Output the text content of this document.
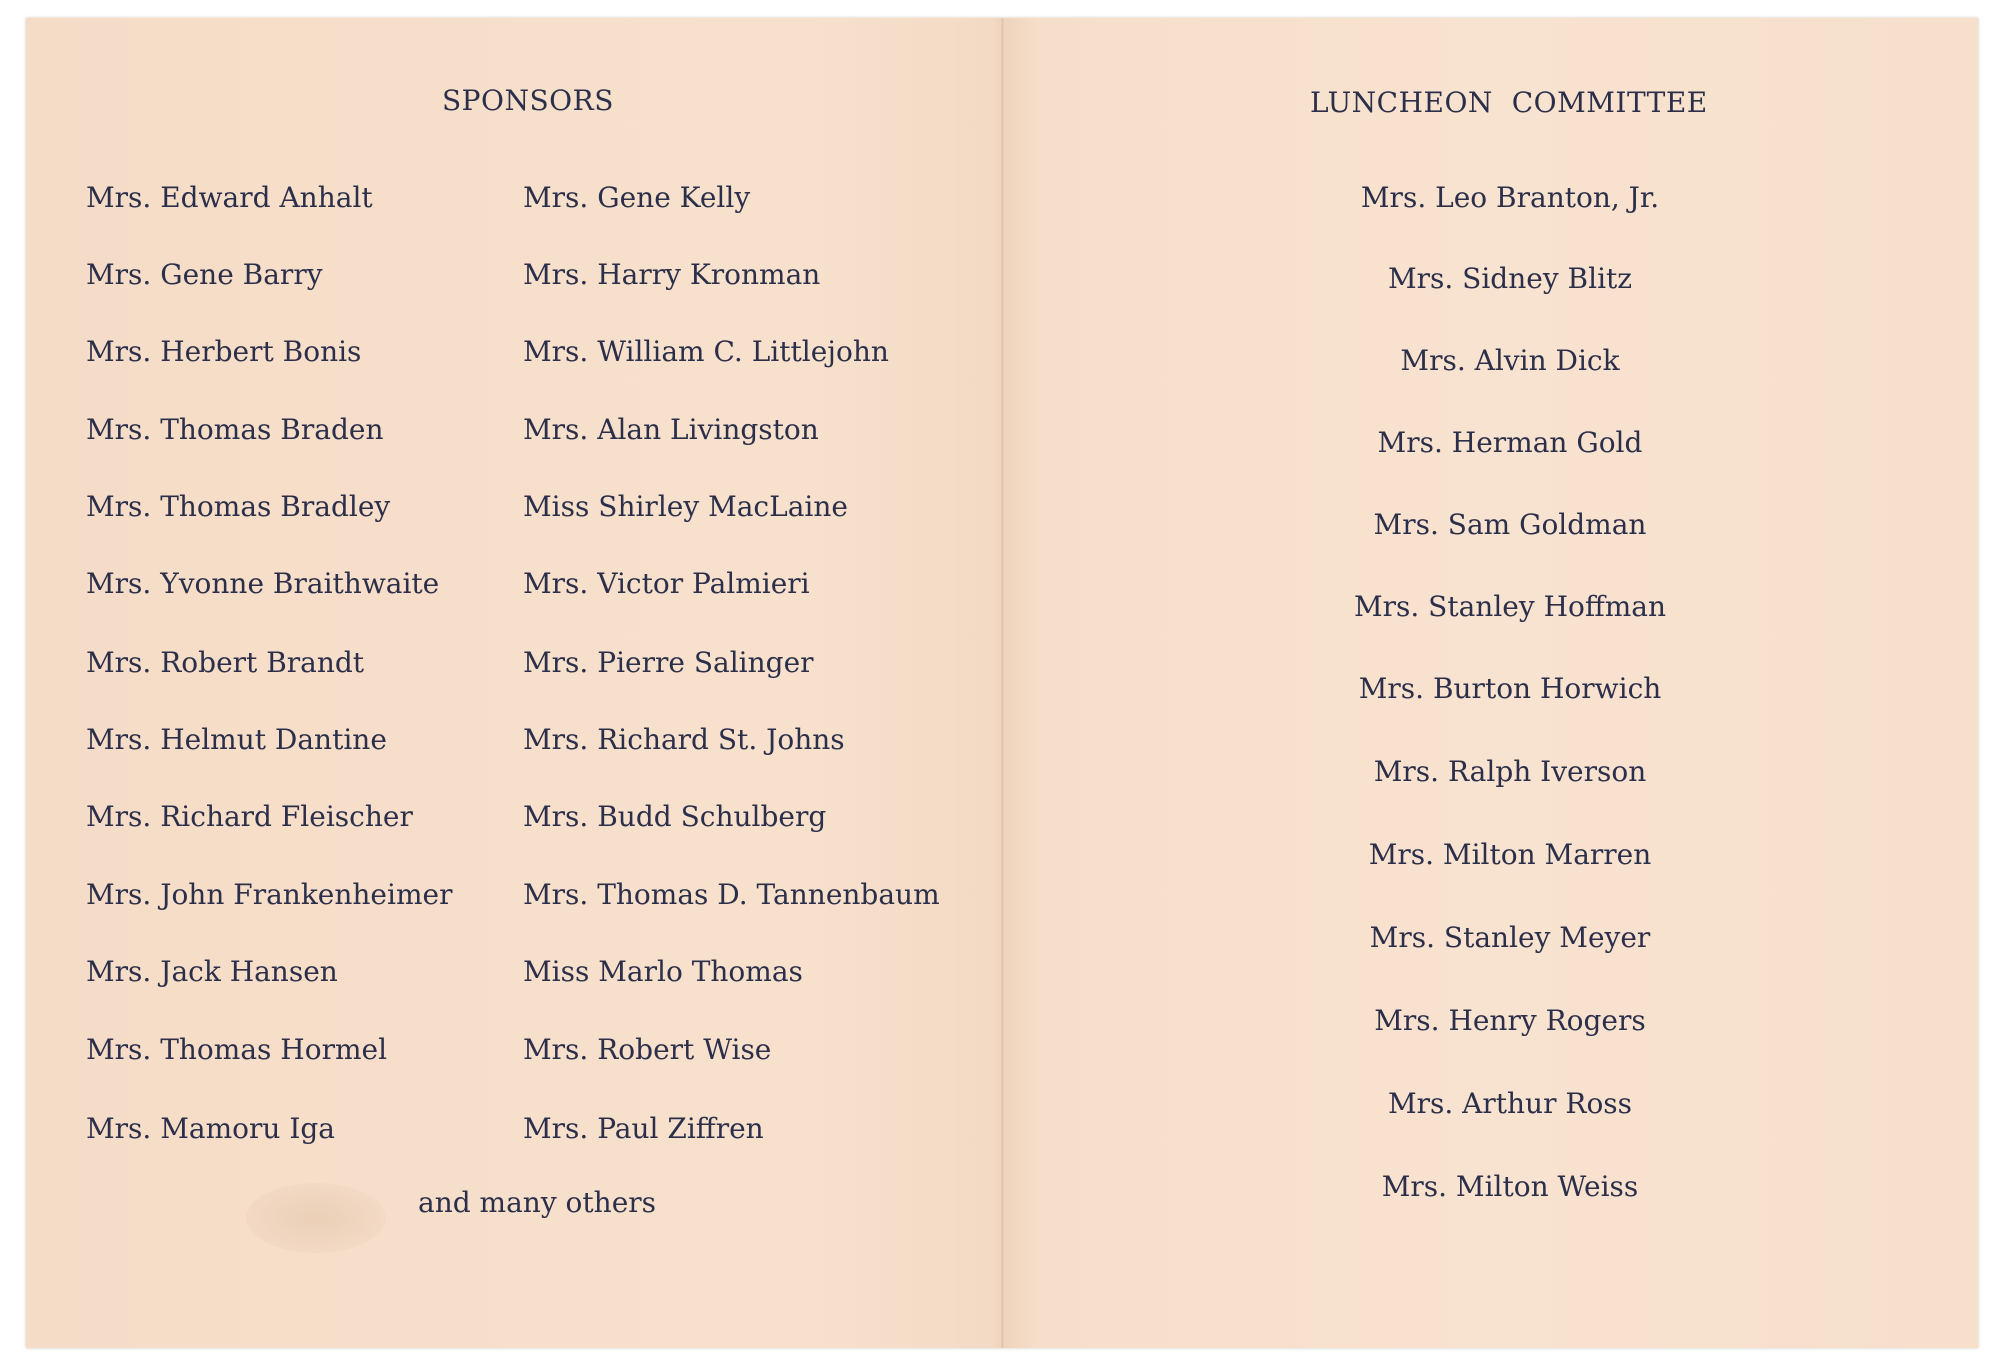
SPONSORS	LUNCHEON  COMMITTEE
Mrs. Edward Anhalt
Mrs. Gene Barry
Mrs. Herbert Bonis
Mrs. Thomas Braden
Mrs. Thomas Bradley
Mrs. Yvonne Braithwaite
Mrs. Robert Brandt
Mrs. Helmut Dantine
Mrs. Richard Fleischer
Mrs. John Frankenheimer
Mrs. Jack Hansen
Mrs. Thomas Hormel
Mrs. Mamoru Iga
Mrs. Gene Kelly
Mrs. Harry Kronman
Mrs. William C. Littlejohn
Mrs. Alan Livingston
Miss Shirley MacLaine
Mrs. Victor Palmieri
Mrs. Pierre Salinger
Mrs. Richard St. Johns
Mrs. Budd Schulberg
Mrs. Thomas D. Tannenbaum
Miss Marlo Thomas
Mrs. Robert Wise
Mrs. Paul Ziffren
and many others
Mrs. Leo Branton, Jr.
Mrs. Sidney Blitz
Mrs. Alvin Dick
Mrs. Herman Gold
Mrs. Sam Goldman
Mrs. Stanley Hoffman
Mrs. Burton Horwich
Mrs. Ralph Iverson
Mrs. Milton Marren
Mrs. Stanley Meyer
Mrs. Henry Rogers
Mrs. Arthur Ross
Mrs. Milton Weiss
